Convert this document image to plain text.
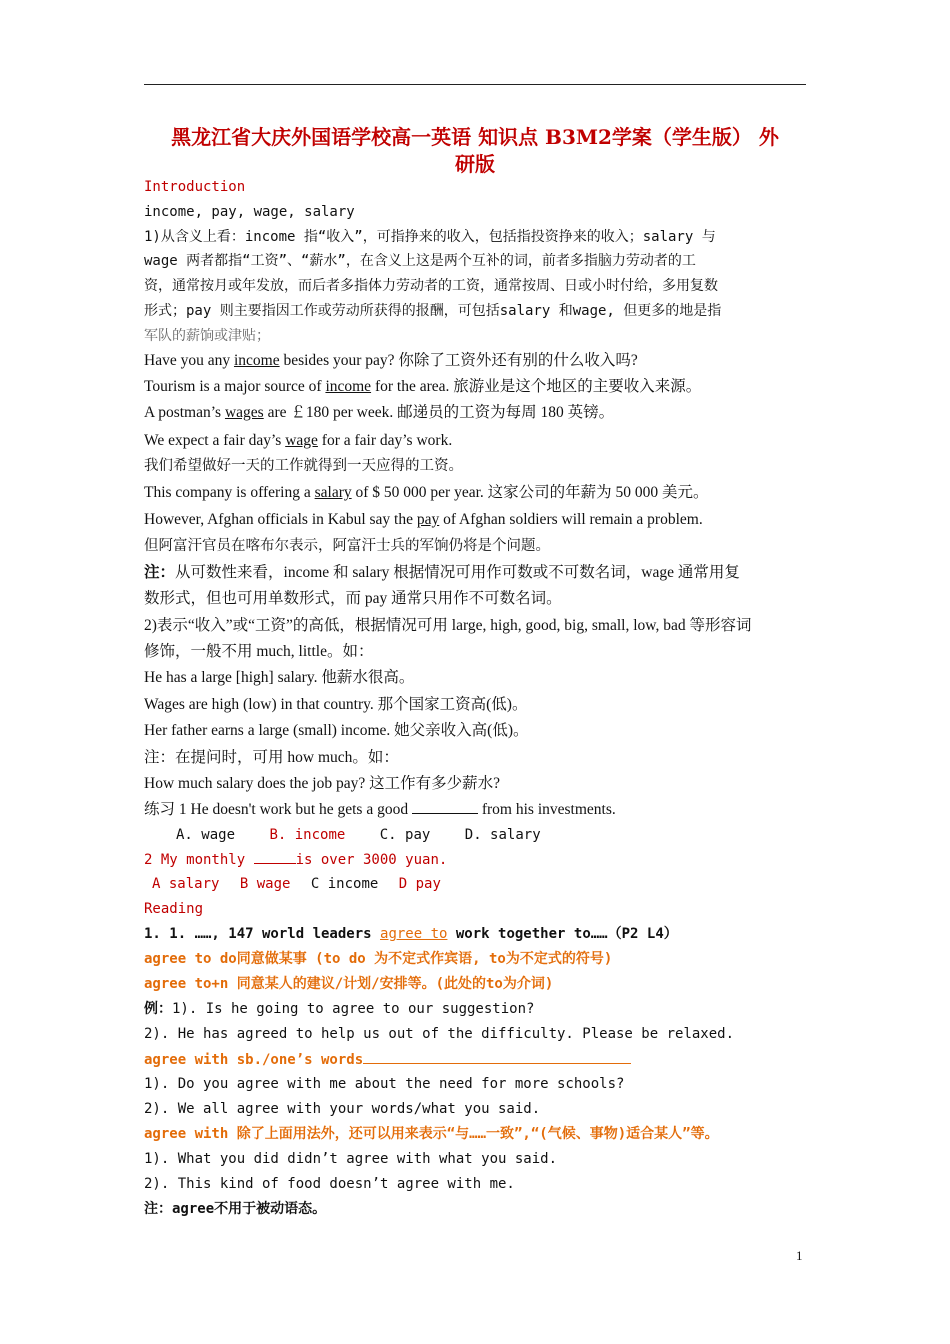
黑龙江省大庆外国语学校高一英语 知识点 B3M2学案（学生版） 外
研版
Introduction
income, pay, wage, salary
1)从含义上看：income 指“收入”，可指挣来的收入，包括指投资挣来的收入；salary 与
wage 两者都指“工资”、“薪水”，在含义上这是两个互补的词，前者多指脑力劳动者的工
资，通常按月或年发放，而后者多指体力劳动者的工资，通常按周、日或小时付给，多用复数
形式；pay 则主要指因工作或劳动所获得的报酬，可包括salary 和wage, 但更多的地是指
军队的薪饷或津贴；
Have you any income besides your pay? 你除了工资外还有别的什么收入吗?
Tourism is a major source of income for the area. 旅游业是这个地区的主要收入来源。
A postman’s wages are ￡180 per week. 邮递员的工资为每周 180 英镑。
We expect a fair day’s wage for a fair day’s work.
我们希望做好一天的工作就得到一天应得的工资。
This company is offering a salary of $ 50 000 per year. 这家公司的年薪为 50 000 美元。
However, Afghan officials in Kabul say the pay of Afghan soldiers will remain a problem.
但阿富汗官员在喀布尔表示，阿富汗士兵的军饷仍将是个问题。
注：从可数性来看，income 和 salary 根据情况可用作可数或不可数名词，wage 通常用复
数形式，但也可用单数形式，而 pay 通常只用作不可数名词。
2)表示“收入”或“工资”的高低，根据情况可用 large, high, good, big, small, low, bad 等形容词
修饰，一般不用 much, little。如：
He has a large [high] salary. 他薪水很高。
Wages are high (low) in that country. 那个国家工资高(低)。
Her father earns a large (small) income. 她父亲收入高(低)。
注：在提问时，可用 how much。如：
How much salary does the job pay? 这工作有多少薪水?
练习 1 He doesn't work but he gets a good	from his investments.
A. wage B. income C. pay D. salary
2 My monthly	is over 3000 yuan.
A salary B wage C income D pay
Reading
1. 1. ……, 147 world leaders agree to work together to……（P2 L4）
agree to do同意做某事 (to do 为不定式作宾语, to为不定式的符号)
agree to+n 同意某人的建议/计划/安排等。(此处的to为介词)
例：1). Is he going to agree to our suggestion?
2). He has agreed to help us out of the difficulty. Please be relaxed.
agree with sb./one’s words
1). Do you agree with me about the need for more schools?
2). We all agree with your words/what you said.
agree with 除了上面用法外，还可以用来表示“与……一致”,“(气候、事物)适合某人”等。
1). What you did didn’t agree with what you said.
2). This kind of food doesn’t agree with me.
注：agree不用于被动语态。
1
